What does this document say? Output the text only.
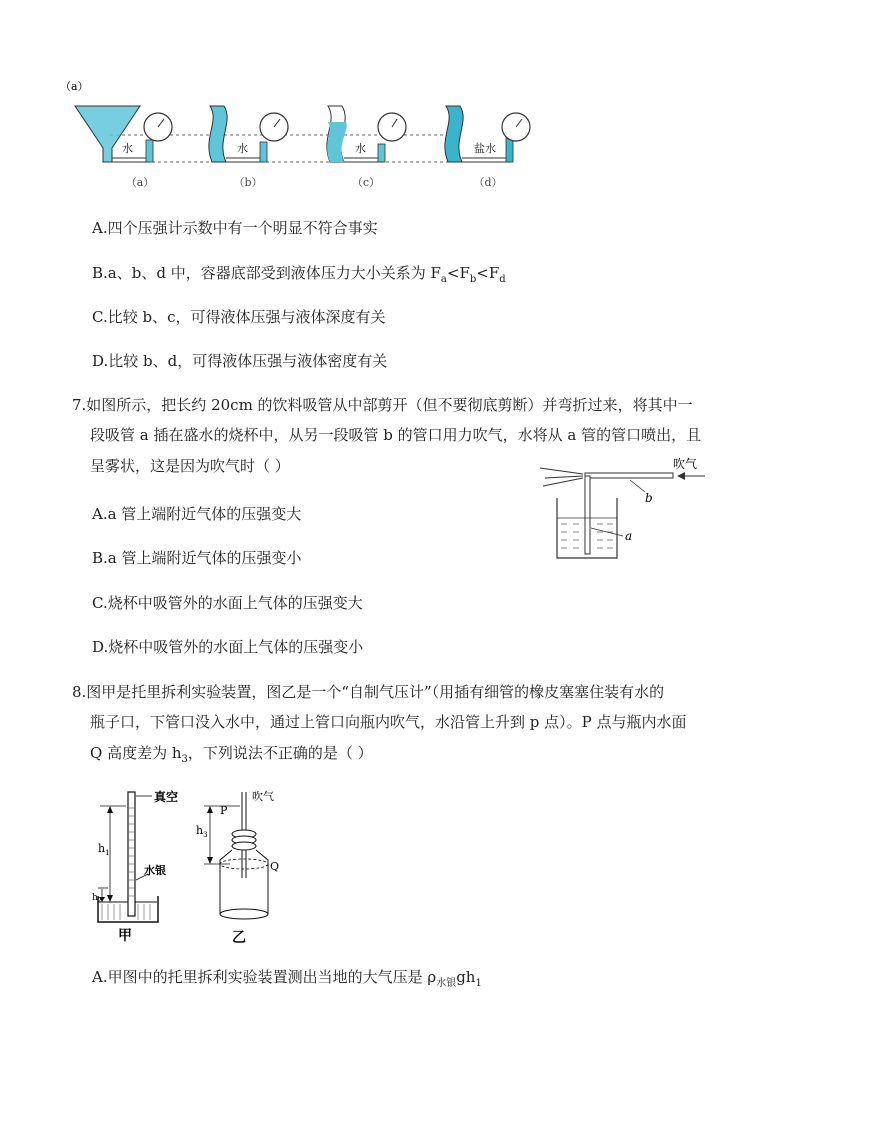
水
（a）
水	水	盐水
（a）	（b）	（c）	（d）
A.四个压强计示数中有一个明显不符合事实
B.a、b、d 中，容器底部受到液体压力大小关系为 $F_a<F_b<F_d$
C.比较 b、c，可得液体压强与液体深度有关
D.比较 b、d，可得液体压强与液体密度有关
7.如图所示，把长约 20cm 的饮料吸管从中部剪开（但不要彻底剪断）并弯折过来，将其中一
段吸管 a 插在盛水的烧杯中，从另一段吸管 b 的管口用力吹气，水将从 a 管的管口喷出，且
呈雾状，这是因为吹气时（ ）	吹气
b
a
A.a 管上端附近气体的压强变大
B.a 管上端附近气体的压强变小
C.烧杯中吸管外的水面上气体的压强变大
D.烧杯中吸管外的水面上气体的压强变小
8.图甲是托里拆利实验装置，图乙是一个“自制气压计”（用插有细管的橡皮塞塞住装有水的
瓶子口，下管口没入水中，通过上管口向瓶内吹气，水沿管上升到 p 点）。P 点与瓶内水面
Q 高度差为 $h_3$，下列说法不正确的是（ ）
真空
水银
$h_1$
$h_2$
甲
吹气
P
$h_3$
Q
乙
A.甲图中的托里拆利实验装置测出当地的大气压是 $\rho_{水银}gh_1$
